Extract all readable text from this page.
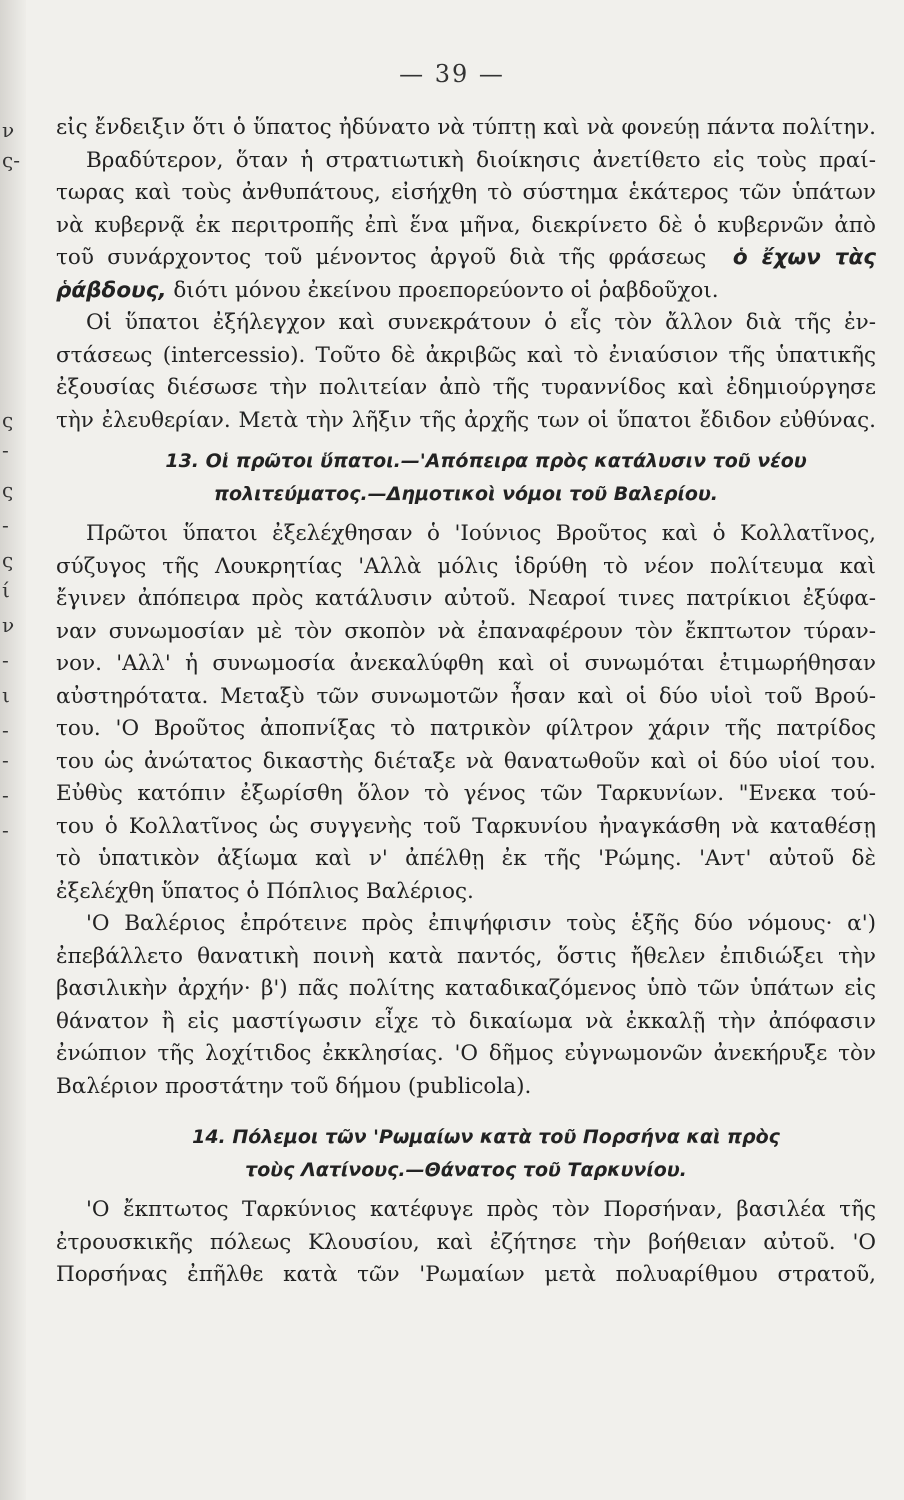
ν
ς-
ς
-
ς
-
ς
ί
ν
-
ι
-
-
-
-
— 39 —
εἰς ἔνδειξιν ὅτι ὁ ὕπατος ἠδύνατο νὰ τύπτῃ καὶ νὰ φονεύῃ πάντα πολίτην.
Βραδύτερον, ὅταν ἡ στρατιωτικὴ διοίκησις ἀνετίθετο εἰς τοὺς πραί-
τωρας καὶ τοὺς ἀνθυπάτους, εἰσήχθη τὸ σύστημα ἑκάτερος τῶν ὑπάτων
νὰ κυβερνᾷ ἐκ περιτροπῆς ἐπὶ ἕνα μῆνα, διεκρίνετο δὲ ὁ κυβερνῶν ἀπὸ
τοῦ συνάρχοντος τοῦ μένοντος ἀργοῦ διὰ τῆς φράσεως ὁ ἔχων τὰς
ῥάβδους, διότι μόνου ἐκείνου προεπορεύοντο οἱ ῥαβδοῦχοι.
Οἱ ὕπατοι ἐξήλεγχον καὶ συνεκράτουν ὁ εἷς τὸν ἄλλον διὰ τῆς ἐν-
στάσεως (intercessio). Τοῦτο δὲ ἀκριβῶς καὶ τὸ ἐνιαύσιον τῆς ὑπατικῆς
ἐξουσίας διέσωσε τὴν πολιτείαν ἀπὸ τῆς τυραννίδος καὶ ἐδημιούργησε
τὴν ἐλευθερίαν. Μετὰ τὴν λῆξιν τῆς ἀρχῆς των οἱ ὕπατοι ἔδιδον εὐθύνας.
13. Οἱ πρῶτοι ὕπατοι.—'Απόπειρα πρὸς κατάλυσιν τοῦ νέου
πολιτεύματος.—Δημοτικοὶ νόμοι τοῦ Βαλερίου.
Πρῶτοι ὕπατοι ἐξελέχθησαν ὁ 'Ιούνιος Βροῦτος καὶ ὁ Κολλατῖνος,
σύζυγος τῆς Λουκρητίας 'Αλλὰ μόλις ἱδρύθη τὸ νέον πολίτευμα καὶ
ἔγινεν ἀπόπειρα πρὸς κατάλυσιν αὐτοῦ. Νεαροί τινες πατρίκιοι ἐξύφα-
ναν συνωμοσίαν μὲ τὸν σκοπὸν νὰ ἐπαναφέρουν τὸν ἔκπτωτον τύραν-
νον. 'Αλλ' ἡ συνωμοσία ἀνεκαλύφθη καὶ οἱ συνωμόται ἐτιμωρήθησαν
αὐστηρότατα. Μεταξὺ τῶν συνωμοτῶν ἦσαν καὶ οἱ δύο υἱοὶ τοῦ Βρού-
του. 'Ο Βροῦτος ἀποπνίξας τὸ πατρικὸν φίλτρον χάριν τῆς πατρίδος
του ὡς ἀνώτατος δικαστὴς διέταξε νὰ θανατωθοῦν καὶ οἱ δύο υἱοί του.
Εὐθὺς κατόπιν ἐξωρίσθη ὅλον τὸ γένος τῶν Ταρκυνίων. "Ενεκα τού-
του ὁ Κολλατῖνος ὡς συγγενὴς τοῦ Ταρκυνίου ἠναγκάσθη νὰ καταθέσῃ
τὸ ὑπατικὸν ἀξίωμα καὶ ν' ἀπέλθῃ ἐκ τῆς 'Ρώμης. 'Αντ' αὐτοῦ δὲ
ἐξελέχθη ὕπατος ὁ Πόπλιος Βαλέριος.
'Ο Βαλέριος ἐπρότεινε πρὸς ἐπιψήφισιν τοὺς ἑξῆς δύο νόμους· α')
ἐπεβάλλετο θανατικὴ ποινὴ κατὰ παντός, ὅστις ἤθελεν ἐπιδιώξει τὴν
βασιλικὴν ἀρχήν· β') πᾶς πολίτης καταδικαζόμενος ὑπὸ τῶν ὑπάτων εἰς
θάνατον ἢ εἰς μαστίγωσιν εἶχε τὸ δικαίωμα νὰ ἐκκαλῇ τὴν ἀπόφασιν
ἐνώπιον τῆς λοχίτιδος ἐκκλησίας. 'Ο δῆμος εὐγνωμονῶν ἀνεκήρυξε τὸν
Βαλέριον προστάτην τοῦ δήμου (publicola).
14. Πόλεμοι τῶν 'Ρωμαίων κατὰ τοῦ Πορσήνα καὶ πρὸς
τοὺς Λατίνους.—Θάνατος τοῦ Ταρκυνίου.
'Ο ἔκπτωτος Ταρκύνιος κατέφυγε πρὸς τὸν Πορσήναν, βασιλέα τῆς
ἐτρουσκικῆς πόλεως Κλουσίου, καὶ ἐζήτησε τὴν βοήθειαν αὐτοῦ. 'Ο
Πορσήνας ἐπῆλθε κατὰ τῶν 'Ρωμαίων μετὰ πολυαρίθμου στρατοῦ,
